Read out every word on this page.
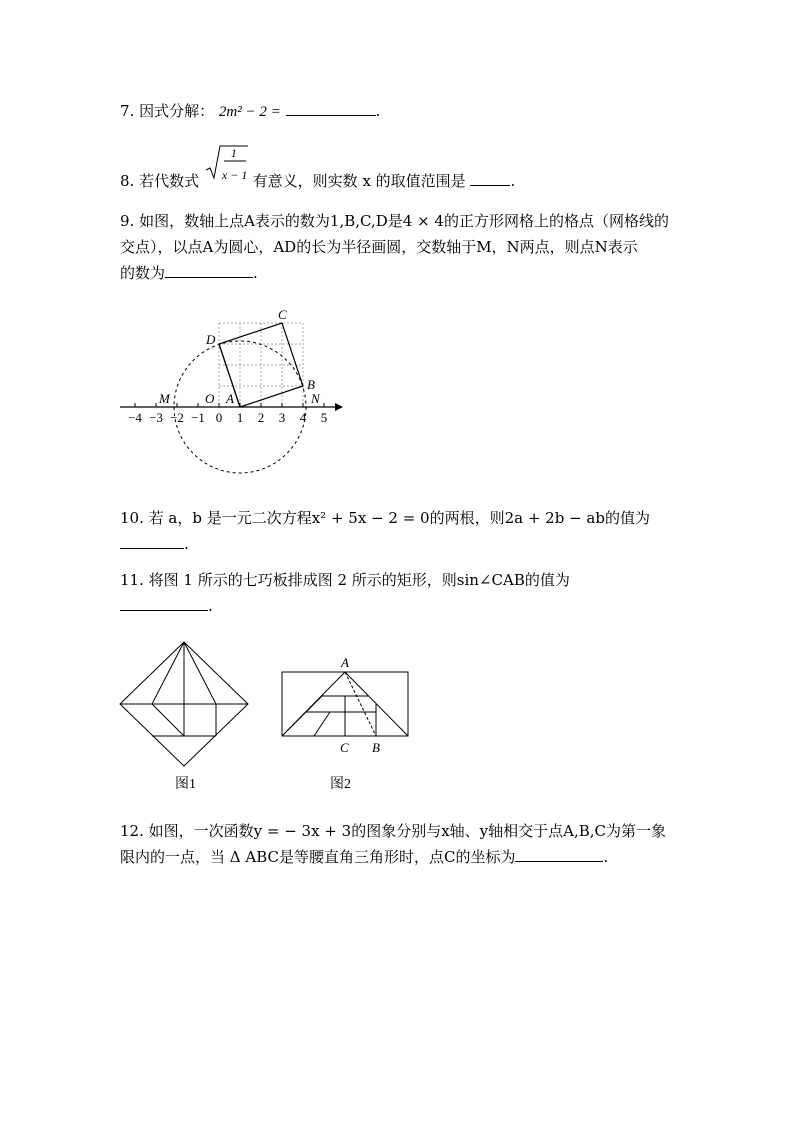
7. 因式分解： 2m² − 2 =	.
8. 若代数式
1
x − 1 有意义，则实数 x 的取值范围是	.
9. 如图，数轴上点A表示的数为1,B,C,D是4 × 4的正方形网格上的格点（网格线的
交点），以点A为圆心，AD的长为半径画圆，交数轴于M，N两点，则点N表示
的数为	.
−4 −3 −2 −1 0 1 2 3 4 5
M	O A
B
C
D
N
10. 若 a，b 是一元二次方程x² + 5x − 2 = 0的两根，则2a + 2b − ab的值为
.
11. 将图 1 所示的七巧板排成图 2 所示的矩形，则sin∠CAB的值为
.
图1
A
C B
图2
12. 如图，一次函数y = − 3x + 3的图象分别与x轴、y轴相交于点A,B,C为第一象
限内的一点，当 Δ ABC是等腰直角三角形时，点C的坐标为	.
